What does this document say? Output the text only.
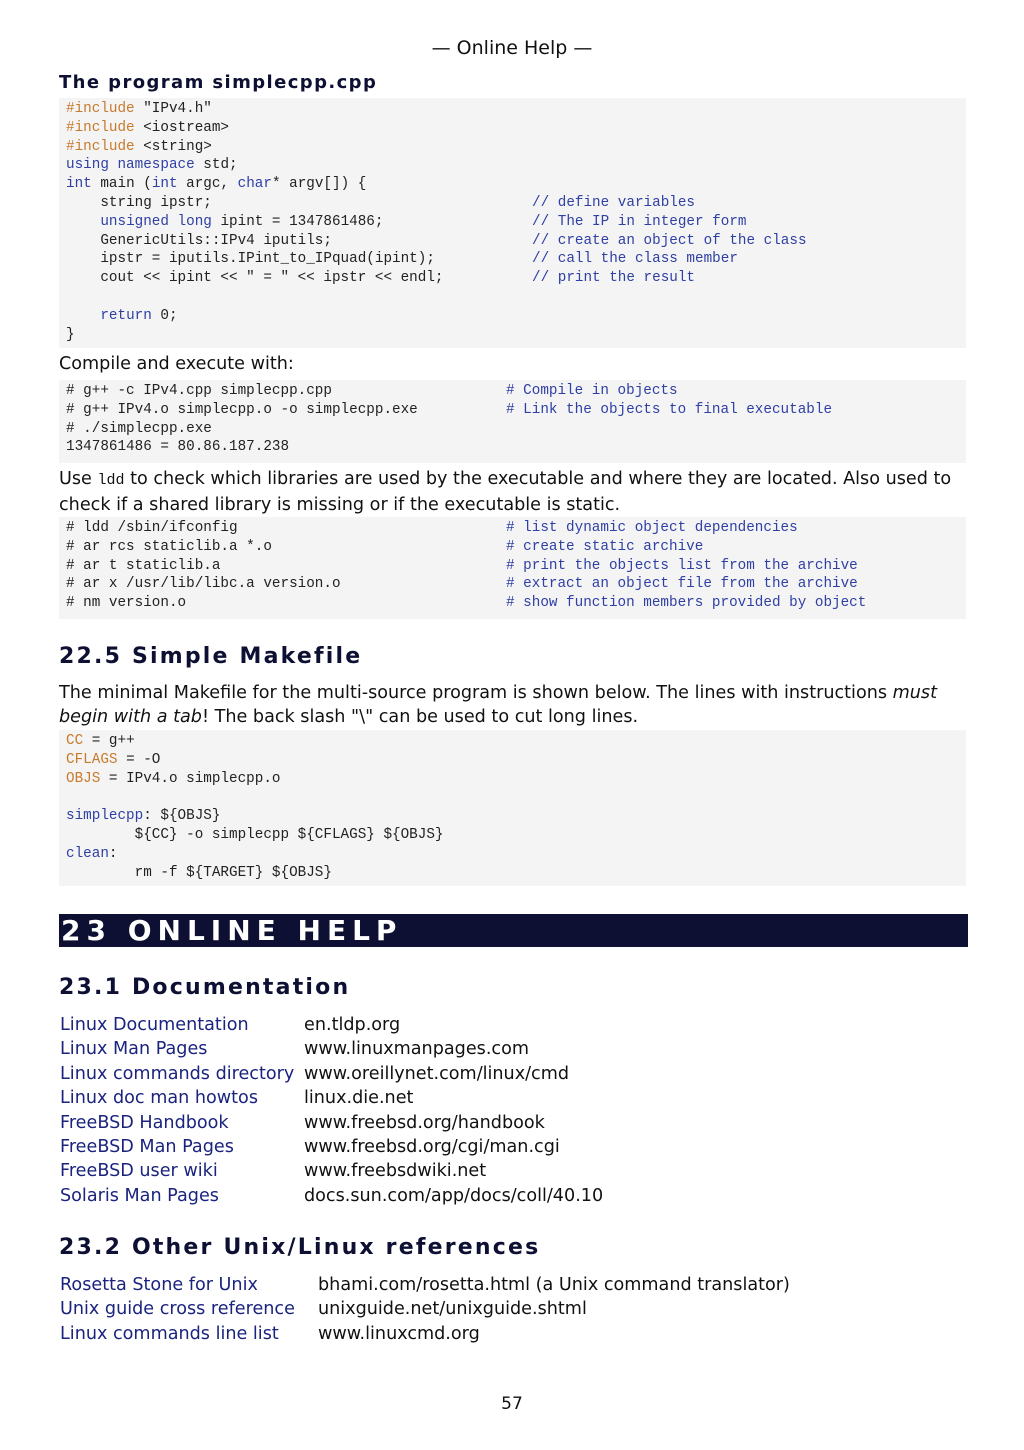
— Online Help —
The program simplecpp.cpp
#include "IPv4.h"
#include <iostream>
#include <string>
using namespace std;
int main (int argc, char* argv[]) {
string ipstr;	// define variables
unsigned long ipint = 1347861486;	// The IP in integer form
GenericUtils::IPv4 iputils;	// create an object of the class
ipstr = iputils.IPint_to_IPquad(ipint);	// call the class member
cout << ipint << " = " << ipstr << endl;	// print the result
return 0;
}
Compile and execute with:
# g++ -c IPv4.cpp simplecpp.cpp	# Compile in objects
# g++ IPv4.o simplecpp.o -o simplecpp.exe	# Link the objects to final executable
# ./simplecpp.exe
1347861486 = 80.86.187.238
Use ldd to check which libraries are used by the executable and where they are located. Also used to check if a shared library is missing or if the executable is static.
# ldd /sbin/ifconfig	# list dynamic object dependencies
# ar rcs staticlib.a *.o	# create static archive
# ar t staticlib.a	# print the objects list from the archive
# ar x /usr/lib/libc.a version.o	# extract an object file from the archive
# nm version.o	# show function members provided by object
22.5 Simple Makefile
The minimal Makefile for the multi-source program is shown below. The lines with instructions must begin with a tab! The back slash "\" can be used to cut long lines.
CC = g++
CFLAGS = -O
OBJS = IPv4.o simplecpp.o
simplecpp: ${OBJS}
${CC} -o simplecpp ${CFLAGS} ${OBJS}
clean:
rm -f ${TARGET} ${OBJS}
23 ONLINE HELP
23.1 Documentation
Linux Documentation	en.tldp.org
Linux Man Pages	www.linuxmanpages.com
Linux commands directory	www.oreillynet.com/linux/cmd
Linux doc man howtos	linux.die.net
FreeBSD Handbook	www.freebsd.org/handbook
FreeBSD Man Pages	www.freebsd.org/cgi/man.cgi
FreeBSD user wiki	www.freebsdwiki.net
Solaris Man Pages	docs.sun.com/app/docs/coll/40.10
23.2 Other Unix/Linux references
Rosetta Stone for Unix	bhami.com/rosetta.html (a Unix command translator)
Unix guide cross reference	unixguide.net/unixguide.shtml
Linux commands line list	www.linuxcmd.org
57
